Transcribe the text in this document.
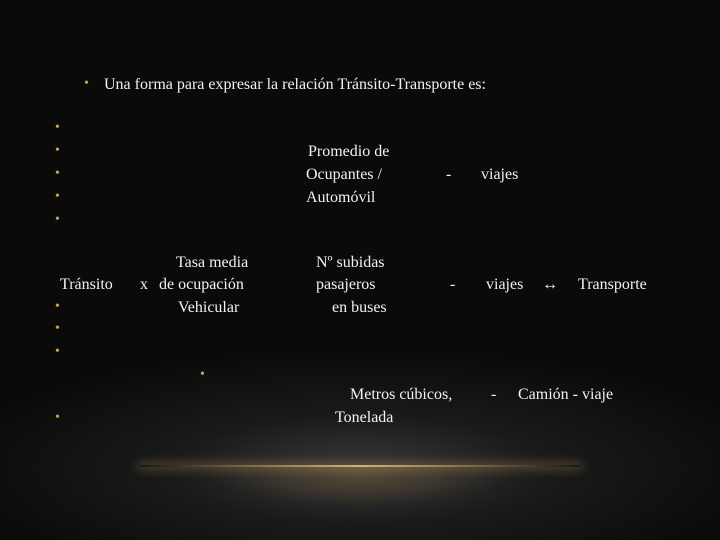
• Una forma para expresar la relación Tránsito-Transporte es:
•
•
•
•
•
Promedio de
Ocupantes /
Automóvil
- viajes
Tasa media
Tránsito x de ocupación
•	Vehicular
Nº subidas
pasajeros
en buses
- viajes ↔ Transporte
•
•
•
Metros cúbicos, - Camión - viaje
•	Tonelada
